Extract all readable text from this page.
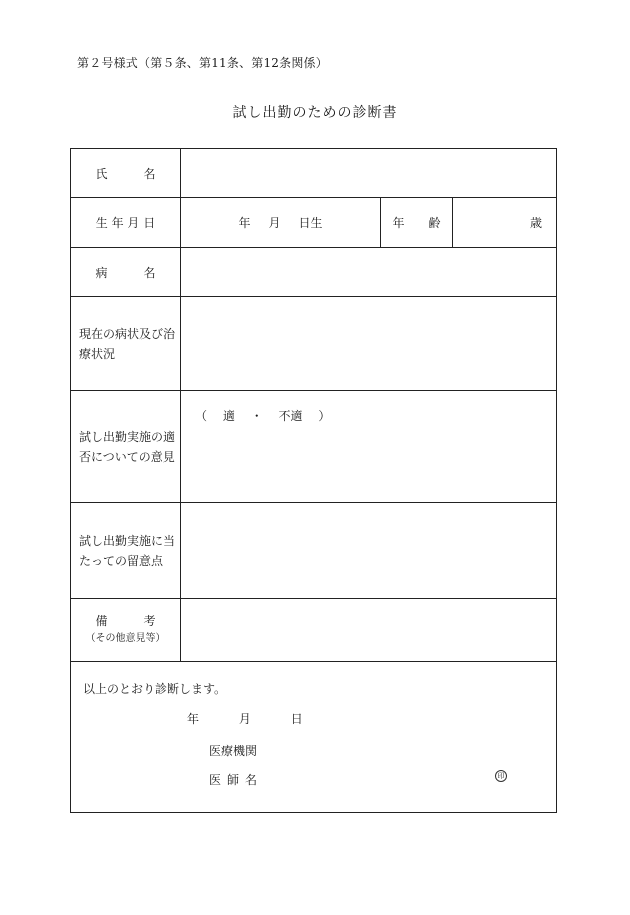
第２号様式（第５条、第11条、第12条関係）
試し出勤のための診断書
氏　　　名	
生 年 月 日	年 月 日生 年　　齢 歳

病　　　名	
現在の病状及び治療状況	
試し出勤実施の適否についての意見	（ 適 ・ 不適 ）

試し出勤実施に当たっての留意点	

備　　　考
（その他意見等）	

以上のとおり診断します。
年 月 日
医療機関
医師名 印	
